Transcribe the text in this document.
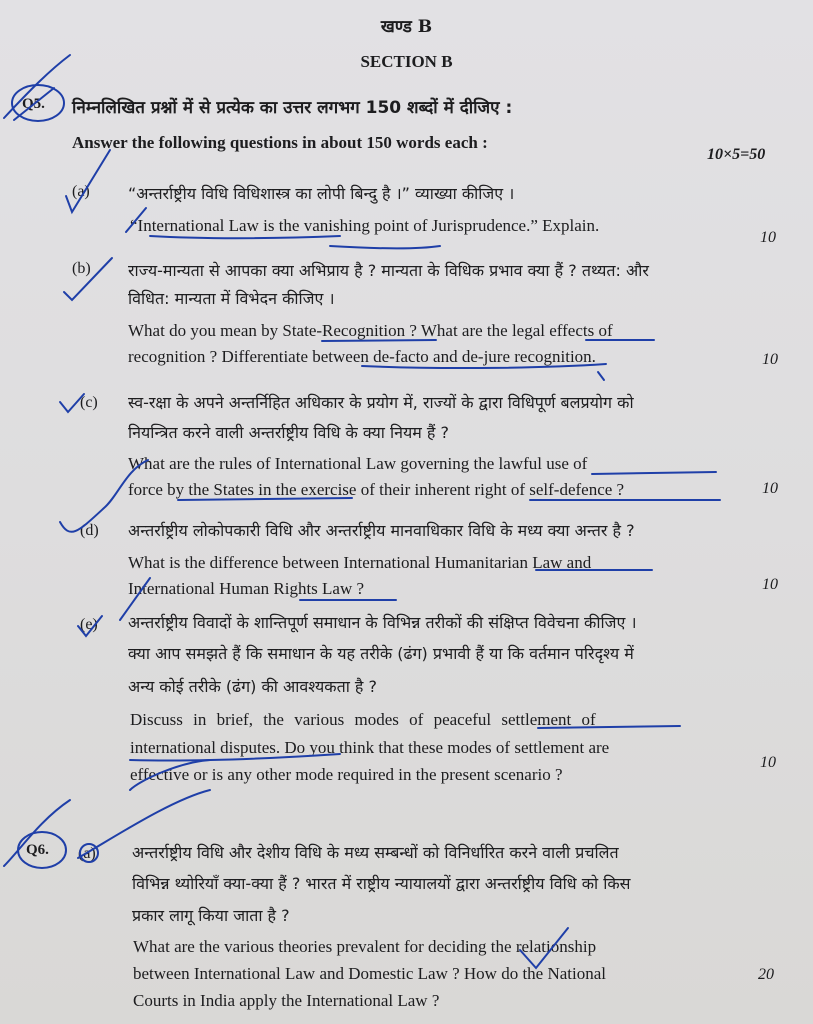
खण्ड B
SECTION B
Q5. निम्नलिखित प्रश्नों में से प्रत्येक का उत्तर लगभग 150 शब्दों में दीजिए :
Answer the following questions in about 150 words each :
10×5=50
(a) “अन्तर्राष्ट्रीय विधि विधिशास्त्र का लोपी बिन्दु है ।” व्याख्या कीजिए ।
“International Law is the vanishing point of Jurisprudence.” Explain.
10
(b) राज्य-मान्यता से आपका क्या अभिप्राय है ? मान्यता के विधिक प्रभाव क्या हैं ? तथ्यत: और
विधित: मान्यता में विभेदन कीजिए ।
What do you mean by State-Recognition ? What are the legal effects of
recognition ? Differentiate between de-facto and de-jure recognition.	10
(c) स्व-रक्षा के अपने अन्तर्निहित अधिकार के प्रयोग में, राज्यों के द्वारा विधिपूर्ण बलप्रयोग को
नियन्त्रित करने वाली अन्तर्राष्ट्रीय विधि के क्या नियम हैं ?
What are the rules of International Law governing the lawful use of
force by the States in the exercise of their inherent right of self-defence ?	10
(d) अन्तर्राष्ट्रीय लोकोपकारी विधि और अन्तर्राष्ट्रीय मानवाधिकार विधि के मध्य क्या अन्तर है ?
What is the difference between International Humanitarian Law and
International Human Rights Law ?	10
(e) अन्तर्राष्ट्रीय विवादों के शान्तिपूर्ण समाधान के विभिन्न तरीकों की संक्षिप्त विवेचना कीजिए ।
क्या आप समझते हैं कि समाधान के यह तरीके (ढंग) प्रभावी हैं या कि वर्तमान परिदृश्य में
अन्य कोई तरीके (ढंग) की आवश्यकता है ?
Discuss in brief, the various modes of peaceful settlement of
international disputes. Do you think that these modes of settlement are
effective or is any other mode required in the present scenario ?
10
Q6. (a) अन्तर्राष्ट्रीय विधि और देशीय विधि के मध्य सम्बन्धों को विनिर्धारित करने वाली प्रचलित
विभिन्न थ्योरियाँ क्या-क्या हैं ? भारत में राष्ट्रीय न्यायालयों द्वारा अन्तर्राष्ट्रीय विधि को किस
प्रकार लागू किया जाता है ?
What are the various theories prevalent for deciding the relationship
between International Law and Domestic Law ? How do the National
Courts in India apply the International Law ?
20
